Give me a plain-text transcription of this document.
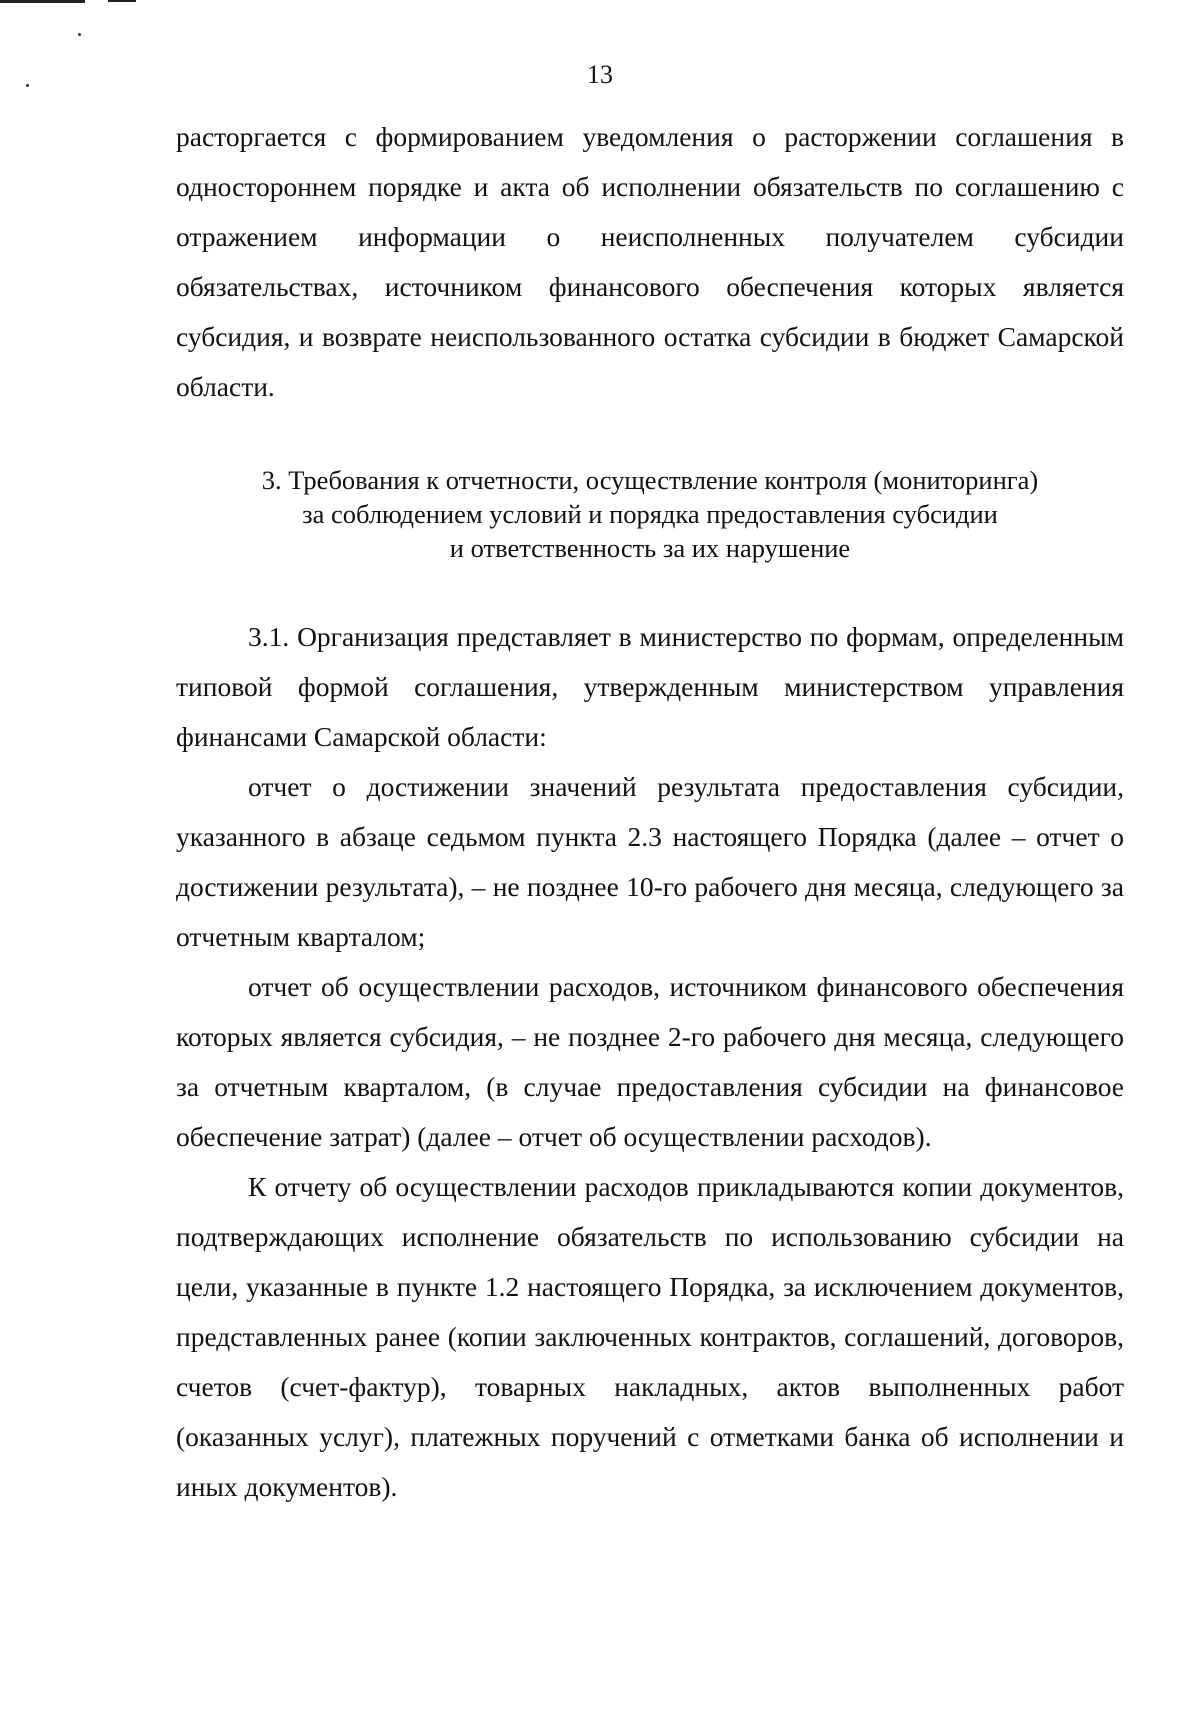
13

расторгается с формированием уведомления о расторжении соглашения в одностороннем порядке и акта об исполнении обязательств по соглашению с отражением информации о неисполненных получателем субсидии обязательствах, источником финансового обеспечения которых является субсидия, и возврате неиспользованного остатка субсидии в бюджет Самарской области.

3. Требования к отчетности, осуществление контроля (мониторинга)
за соблюдением условий и порядка предоставления субсидии
и ответственность за их нарушение

3.1. Организация представляет в министерство по формам, определенным типовой формой соглашения, утвержденным министерством управления финансами Самарской области:

отчет о достижении значений результата предоставления субсидии, указанного в абзаце седьмом пункта 2.3 настоящего Порядка (далее – отчет о достижении результата), – не позднее 10-го рабочего дня месяца, следующего за отчетным кварталом;

отчет об осуществлении расходов, источником финансового обеспечения которых является субсидия, – не позднее 2-го рабочего дня месяца, следующего за отчетным кварталом, (в случае предоставления субсидии на финансовое обеспечение затрат) (далее – отчет об осуществлении расходов).

К отчету об осуществлении расходов прикладываются копии документов, подтверждающих исполнение обязательств по использованию субсидии на цели, указанные в пункте 1.2 настоящего Порядка, за исключением документов, представленных ранее (копии заключенных контрактов, соглашений, договоров, счетов (счет-фактур), товарных накладных, актов выполненных работ (оказанных услуг), платежных поручений с отметками банка об исполнении и иных документов).
